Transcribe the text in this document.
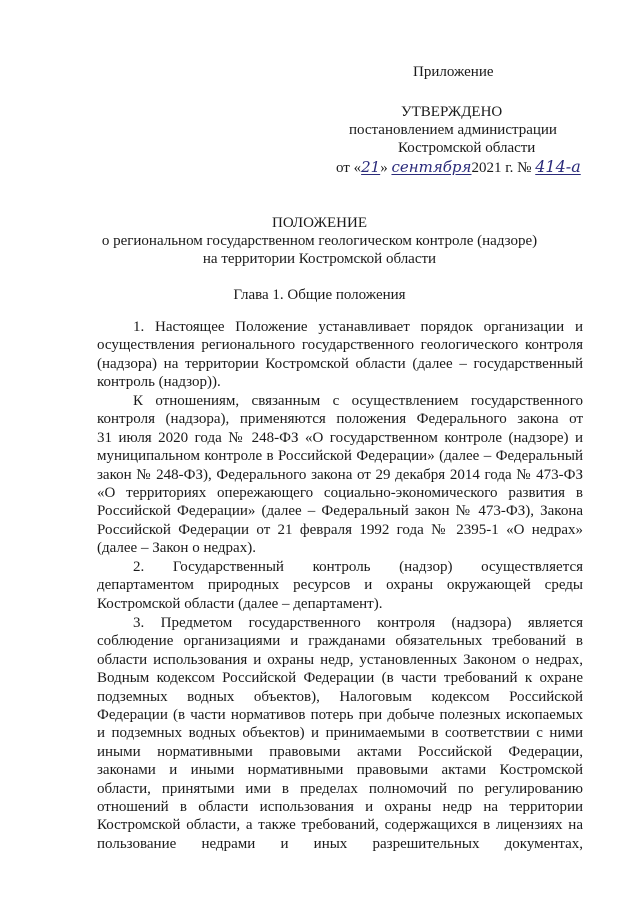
Приложение
УТВЕРЖДЕНО
постановлением администрации
Костромской области
от «21» сентября2021 г. № 414-а
ПОЛОЖЕНИЕ
о региональном государственном геологическом контроле (надзоре)
на территории Костромской области
Глава 1. Общие положения
1. Настоящее Положение устанавливает порядок организации и
осуществления регионального государственного геологического контроля
(надзора) на территории Костромской области (далее – государственный
контроль (надзор)).
К отношениям, связанным с осуществлением государственного
контроля (надзора), применяются положения Федерального закона от
31 июля 2020 года № 248-ФЗ «О государственном контроле (надзоре) и
муниципальном контроле в Российской Федерации» (далее – Федеральный
закон № 248-ФЗ), Федерального закона от 29 декабря 2014 года № 473-ФЗ
«О территориях опережающего социально-экономического развития в
Российской Федерации» (далее – Федеральный закон № 473-ФЗ), Закона
Российской Федерации от 21 февраля 1992 года № 2395-1 «О недрах»
(далее – Закон о недрах).
2. Государственный контроль (надзор) осуществляется
департаментом природных ресурсов и охраны окружающей среды
Костромской области (далее – департамент).
3. Предметом государственного контроля (надзора) является
соблюдение организациями и гражданами обязательных требований в
области использования и охраны недр, установленных Законом о недрах,
Водным кодексом Российской Федерации (в части требований к охране
подземных водных объектов), Налоговым кодексом Российской
Федерации (в части нормативов потерь при добыче полезных ископаемых
и подземных водных объектов) и принимаемыми в соответствии с ними
иными нормативными правовыми актами Российской Федерации,
законами и иными нормативными правовыми актами Костромской
области, принятыми ими в пределах полномочий по регулированию
отношений в области использования и охраны недр на территории
Костромской области, а также требований, содержащихся в лицензиях на
пользование недрами и иных разрешительных документах,
